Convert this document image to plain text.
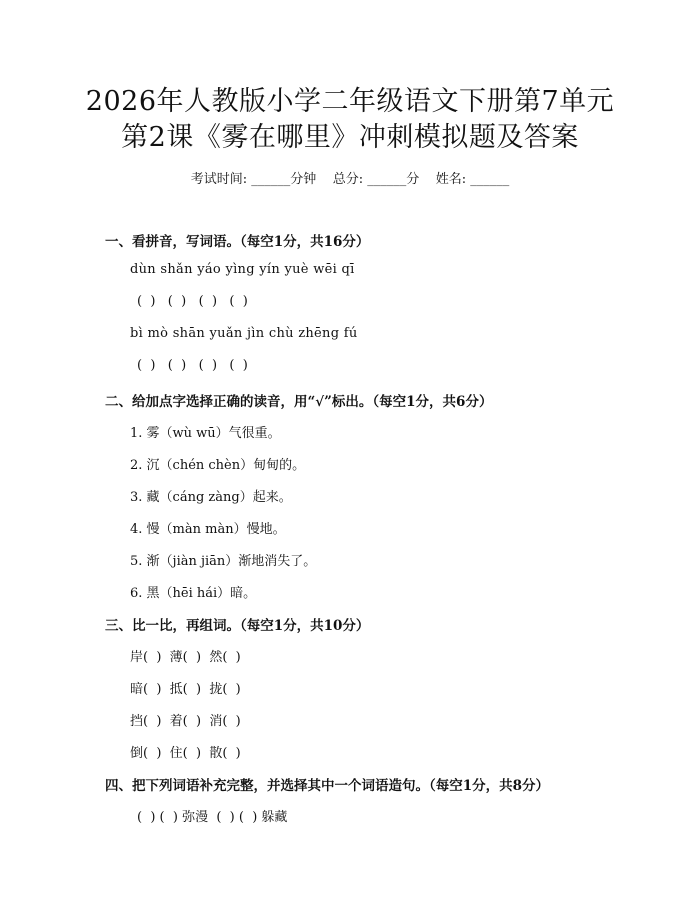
2026年人教版小学二年级语文下册第7单元
第2课《雾在哪里》冲刺模拟题及答案
考试时间: ______分钟    总分: ______分    姓名: ______
一、看拼音，写词语。（每空1分，共16分）
dùn shǎn yáo yìng yín yuè wēi qī
(  )   (  )   (  )   (  )
bì mò shān yuǎn jìn chù zhēng fú
(  )   (  )   (  )   (  )
二、给加点字选择正确的读音，用“√”标出。（每空1分，共6分）
1. 雾（wù wū）气很重。
2. 沉（chén chèn）甸甸的。
3. 藏（cáng zàng）起来。
4. 慢（màn màn）慢地。
5. 渐（jiàn jiān）渐地消失了。
6. 黑（hēi hái）暗。
三、比一比，再组词。（每空1分，共10分）
岸(  )  薄(  )  然(  )
暗(  )  抵(  )  拢(  )
挡(  )  着(  )  消(  )
倒(  )  住(  )  散(  )
四、把下列词语补充完整，并选择其中一个词语造句。（每空1分，共8分）
(  ) (  ) 弥漫  (  ) (  ) 躲藏
